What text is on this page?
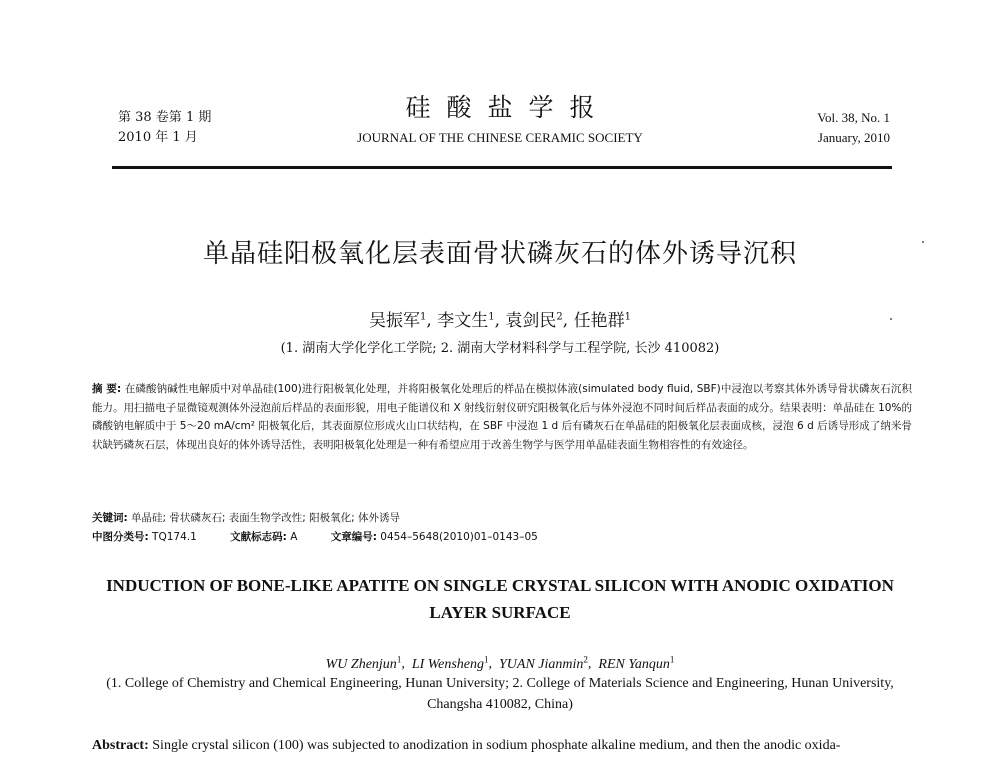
第 38 卷第 1 期
2010 年 1 月
硅酸盐学报
JOURNAL OF THE CHINESE CERAMIC SOCIETY
Vol. 38, No. 1
January, 2010
单晶硅阳极氧化层表面骨状磷灰石的体外诱导沉积
吴振军$^1$, 李文生$^1$, 袁剑民$^2$, 任艳群$^1$
(1. 湖南大学化学化工学院; 2. 湖南大学材料科学与工程学院, 长沙 410082)
摘 要: 在磷酸钠碱性电解质中对单晶硅(100)进行阳极氧化处理，并将阳极氧化处理后的样品在模拟体液(simulated body fluid, SBF)中浸泡以考察其体外诱导骨状磷灰石沉积能力。用扫描电子显微镜观测体外浸泡前后样品的表面形貌，用电子能谱仪和 X 射线衍射仪研究阳极氧化后与体外浸泡不同时间后样品表面的成分。结果表明：单晶硅在 10%的磷酸钠电解质中于 5～20 mA/cm² 阳极氧化后，其表面原位形成火山口状结构，在 SBF 中浸泡 1 d 后有磷灰石在单晶硅的阳极氧化层表面成核，浸泡 6 d 后诱导形成了纳米骨状缺钙磷灰石层，体现出良好的体外诱导活性，表明阳极氧化处理是一种有希望应用于改善生物学与医学用单晶硅表面生物相容性的有效途径。
关键词: 单晶硅; 骨状磷灰石; 表面生物学改性; 阳极氧化; 体外诱导
中图分类号: TQ174.1	文献标志码: A	文章编号: 0454–5648(2010)01–0143–05
INDUCTION OF BONE-LIKE APATITE ON SINGLE CRYSTAL SILICON WITH ANODIC OXIDATION LAYER SURFACE
WU Zhenjun$^1$,  LI Wensheng$^1$,  YUAN Jianmin$^2$,  REN Yanqun$^1$
(1. College of Chemistry and Chemical Engineering, Hunan University; 2. College of Materials Science and Engineering, Hunan University, Changsha 410082, China)
Abstract: Single crystal silicon (100) was subjected to anodization in sodium phosphate alkaline medium, and then the anodic oxida-
